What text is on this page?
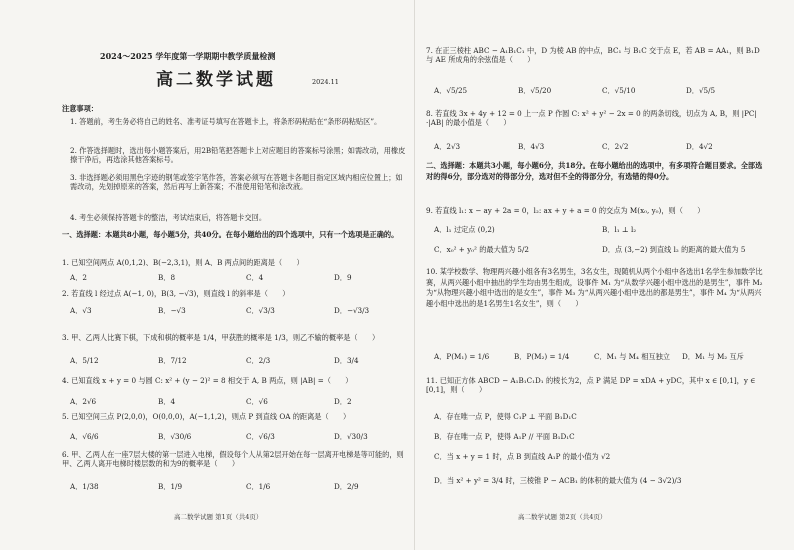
2024～2025 学年度第一学期期中教学质量检测
高二数学试题	2024.11
注意事项：
1. 答题前，考生务必将自己的姓名、准考证号填写在答题卡上，将条形码粘贴在“条形码粘贴区”。
2. 作答选择题时，选出每小题答案后，用2B铅笔把答题卡上对应题目的答案标号涂黑；如需改动，用橡皮擦干净后，再选涂其他答案标号。
3. 非选择题必须用黑色字迹的钢笔或签字笔作答，答案必须写在答题卡各题目指定区域内相应位置上；如需改动，先划掉原来的答案，然后再写上新答案；不准使用铅笔和涂改液。
4. 考生必须保持答题卡的整洁，考试结束后，将答题卡交回。
一、选择题：本题共8小题，每小题5分，共40分。在每小题给出的四个选项中，只有一个选项是正确的。
1. 已知空间两点 A(0,1,2)、B(−2,3,1)，则 A、B 两点间的距离是（　　）
A．2	B．8	C．4	D．9
2. 若直线 l 经过点 A(−1, 0)，B(3, −√3)，则直线 l 的斜率是（　　）
A．√3	B．−√3	C．√3/3	D．−√3/3
3. 甲、乙两人比赛下棋，下成和棋的概率是 1/4，甲获胜的概率是 1/3，则乙不输的概率是（　　）
A．5/12	B．7/12	C．2/3	D．3/4
4. 已知直线 x + y = 0 与圆 C: x² + (y − 2)² = 8 相交于 A, B 两点，则 |AB| =（　　）
A．2√6	B．4	C．√6	D．2
5. 已知空间三点 P(2,0,0)，O(0,0,0)，A(−1,1,2)，则点 P 到直线 OA 的距离是（　　）
A．√6/6	B．√30/6	C．√6/3	D．√30/3
6. 甲、乙两人在一座7层大楼的第一层进入电梯，假设每个人从第2层开始在每一层离开电梯是等可能的，则甲、乙两人离开电梯时楼层数的和为9的概率是（　　）
A．1/38	B．1/9	C．1/6	D．2/9
高二数学试题 第1页（共4页）
7. 在正三棱柱 ABC − A₁B₁C₁ 中，D 为棱 AB 的中点，BC₁ 与 B₁C 交于点 E，若 AB = AA₁，则 B₁D 与 AE 所成角的余弦值是（　　）
A．√5/25	B．√5/20	C．√5/10	D．√5/5
8. 若直线 3x + 4y + 12 = 0 上一点 P 作圆 C: x² + y² − 2x = 0 的两条切线，切点为 A, B，则 |PC|·|AB| 的最小值是（　　）
A．2√3	B．4√3	C．2√2	D．4√2
二、选择题：本题共3小题，每小题6分，共18分。在每小题给出的选项中，有多项符合题目要求。全部选对的得6分，部分选对的得部分分，选对但不全的得部分分，有选错的得0分。
9. 若直线 l₁: x − ay + 2a = 0，l₂: ax + y + a = 0 的交点为 M(x₀, y₀)，则（　　）
A．l₁ 过定点 (0,2)	B．l₁ ⊥ l₂
C．x₀² + y₀² 的最大值为 5/2	D．点 (3,−2) 到直线 l₂ 的距离的最大值为 5
10. 某学校数学、物理两兴趣小组各有3名男生，3名女生，现随机从两个小组中各选出1名学生参加数学比赛，从两兴趣小组中抽出的学生均由男生组成，设事件 M₁ 为“从数学兴趣小组中选出的是男生”，事件 M₂ 为“从物理兴趣小组中选出的是女生”，事件 M₃ 为“从两兴趣小组中选出的都是男生”，事件 M₄ 为“从两兴趣小组中选出的是1名男生1名女生”，则（　　）
A．P(M₁) = 1/6	B．P(M₂) = 1/4	C．M₁ 与 M₄ 相互独立 D．M₁ 与 M₂ 互斥
11. 已知正方体 ABCD − A₁B₁C₁D₁ 的棱长为2，点 P 满足 DP = xDA + yDC，其中 x ∈ [0,1]，y ∈ [0,1]，则（　　）
A．存在唯一点 P，使得 C₁P ⊥ 平面 B₁D₁C
B．存在唯一点 P，使得 A₁P // 平面 B₁D₁C
C．当 x + y = 1 时，点 B 到直线 A₁P 的最小值为 √2
D．当 x² + y² = 3/4 时，三棱锥 P − ACB₁ 的体积的最大值为 (4 − 3√2)/3
高二数学试题 第2页（共4页）
